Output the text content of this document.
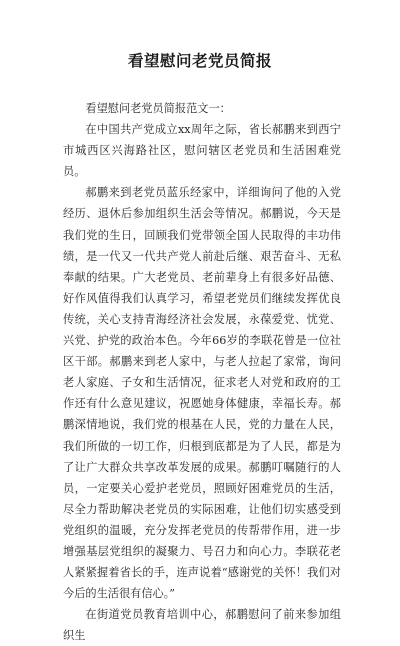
看望慰问老党员简报

看望慰问老党员简报范文一：

在中国共产党成立xx周年之际，省长郝鹏来到西宁市城西区兴海路社区，慰问辖区老党员和生活困难党员。

郝鹏来到老党员蓝乐经家中，详细询问了他的入党经历、退休后参加组织生活会等情况。郝鹏说，今天是我们党的生日，回顾我们党带领全国人民取得的丰功伟绩，是一代又一代共产党人前赴后继、艰苦奋斗、无私奉献的结果。广大老党员、老前辈身上有很多好品德、好作风值得我们认真学习，希望老党员们继续发挥优良传统，关心支持青海经济社会发展，永葆爱党、忧党、兴党、护党的政治本色。今年66岁的李联花曾是一位社区干部。郝鹏来到老人家中，与老人拉起了家常，询问老人家庭、子女和生活情况，征求老人对党和政府的工作还有什么意见建议，祝愿她身体健康，幸福长寿。郝鹏深情地说，我们党的根基在人民，党的力量在人民，我们所做的一切工作，归根到底都是为了人民，都是为了让广大群众共享改革发展的成果。郝鹏叮嘱随行的人员，一定要关心爱护老党员，照顾好困难党员的生活，尽全力帮助解决老党员的实际困难，让他们切实感受到党组织的温暖，充分发挥老党员的传帮带作用，进一步增强基层党组织的凝聚力、号召力和向心力。李联花老人紧紧握着省长的手，连声说着“感谢党的关怀！我们对今后的生活很有信心。”

在街道党员教育培训中心，郝鹏慰问了前来参加组织生
